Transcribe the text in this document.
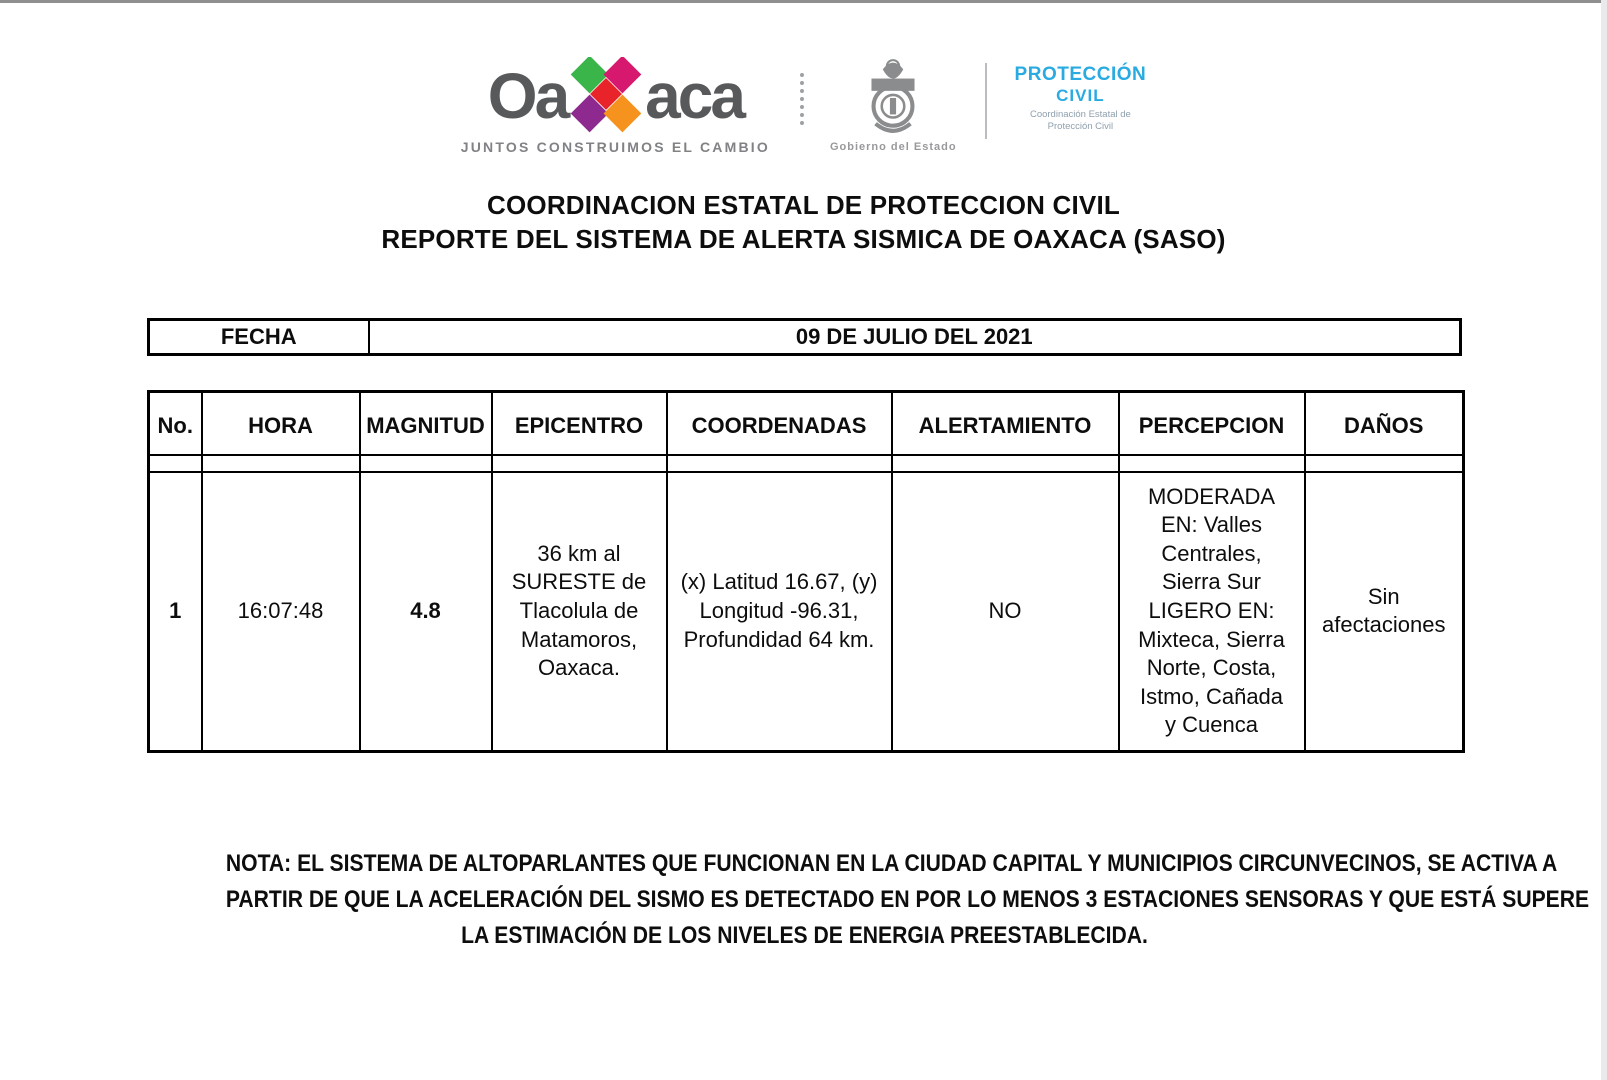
Oa aca
JUNTOS CONSTRUIMOS EL CAMBIO	Gobierno del Estado
PROTECCIÓN
CIVIL
Coordinación Estatal de
Protección Civil
COORDINACION ESTATAL DE PROTECCION CIVIL
REPORTE DEL SISTEMA DE ALERTA SISMICA DE OAXACA (SASO)
FECHA	09 DE JULIO DEL 2021
No.	HORA	MAGNITUD	EPICENTRO	COORDENADAS	ALERTAMIENTO	PERCEPCION	DAÑOS

1	16:07:48	4.8	36 km al SURESTE de Tlacolula de Matamoros, Oaxaca.	(x) Latitud 16.67, (y) Longitud -96.31, Profundidad 64 km.	NO	MODERADA EN: Valles Centrales, Sierra Sur LIGERO EN: Mixteca, Sierra Norte, Costa, Istmo, Cañada y Cuenca	Sin afectaciones
NOTA: EL SISTEMA DE ALTOPARLANTES QUE FUNCIONAN EN LA CIUDAD CAPITAL Y MUNICIPIOS CIRCUNVECINOS, SE ACTIVA A
PARTIR DE QUE LA ACELERACIÓN DEL SISMO ES DETECTADO EN POR LO MENOS 3 ESTACIONES SENSORAS Y QUE ESTÁ SUPERE
LA ESTIMACIÓN DE LOS NIVELES DE ENERGIA PREESTABLECIDA.
